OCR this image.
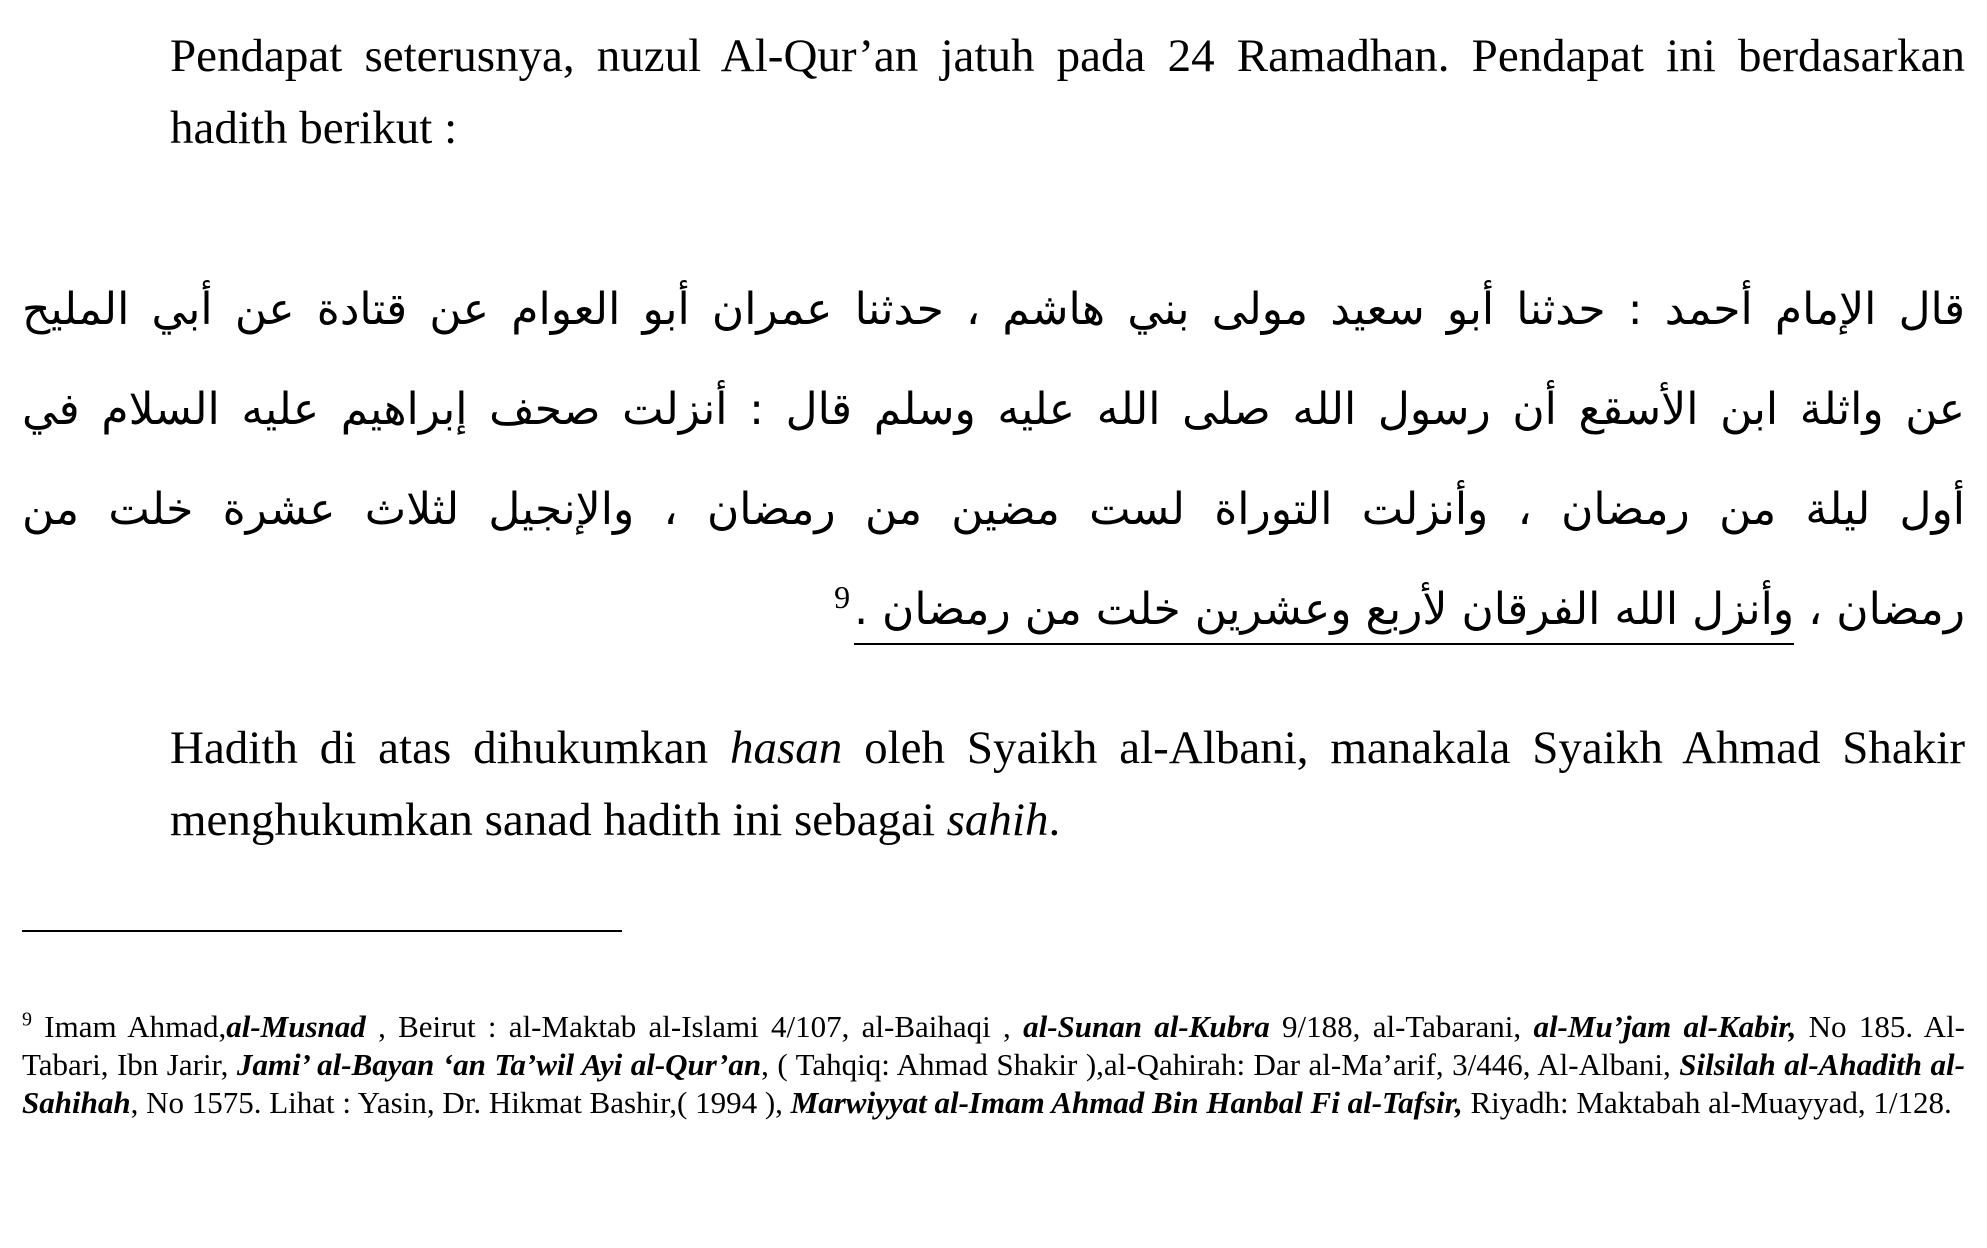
Pendapat seterusnya, nuzul Al-Qur’an jatuh pada 24 Ramadhan. Pendapat ini berdasarkan hadith berikut :

قال الإمام أحمد : حدثنا أبو سعيد مولى بني هاشم ، حدثنا عمران أبو العوام عن قتادة عن أبي المليح
عن واثلة ابن الأسقع أن رسول الله صلى الله عليه وسلم قال : أنزلت صحف إبراهيم عليه السلام في
أول ليلة من رمضان ، وأنزلت التوراة لست مضين من رمضان ، والإنجيل لثلاث عشرة خلت من
رمضان ، وأنزل الله الفرقان لأربع وعشرين خلت من رمضان .$^9$

Hadith di atas dihukumkan hasan oleh Syaikh al-Albani, manakala Syaikh Ahmad Shakir menghukumkan sanad hadith ini sebagai sahih.

$^9$ Imam Ahmad,al-Musnad , Beirut : al-Maktab al-Islami 4/107, al-Baihaqi , al-Sunan al-Kubra 9/188, al-Tabarani, al-Mu’jam al-Kabir, No 185. Al-Tabari, Ibn Jarir, Jami’ al-Bayan ‘an Ta’wil Ayi al-Qur’an, ( Tahqiq: Ahmad Shakir ),al-Qahirah: Dar al-Ma’arif, 3/446, Al-Albani, Silsilah al-Ahadith al-Sahihah, No 1575. Lihat : Yasin, Dr. Hikmat Bashir,( 1994 ), Marwiyyat al-Imam Ahmad Bin Hanbal Fi al-Tafsir, Riyadh: Maktabah al-Muayyad, 1/128.
